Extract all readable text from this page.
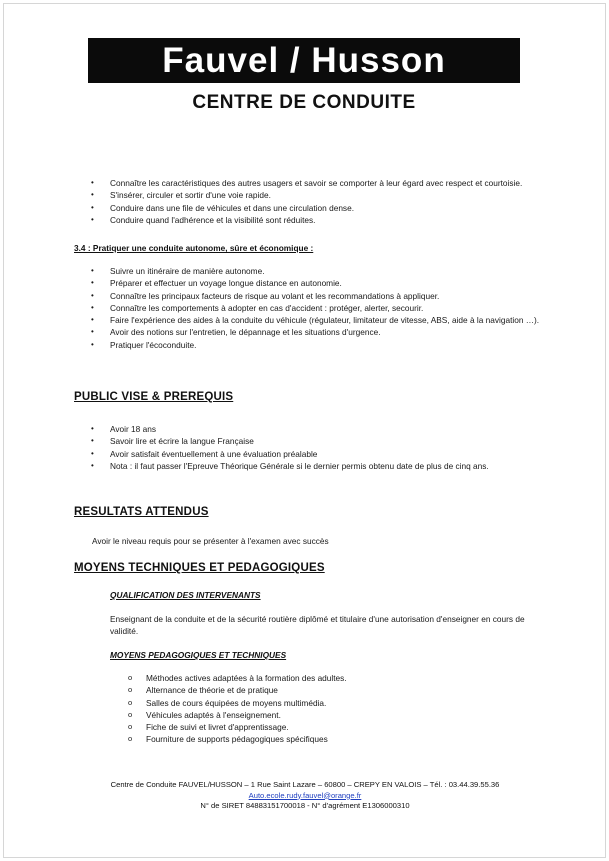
Fauvel / Husson
CENTRE DE CONDUITE
• Connaître les caractéristiques des autres usagers et savoir se comporter à leur égard avec respect et courtoisie.
• S'insérer, circuler et sortir d'une voie rapide.
• Conduire dans une file de véhicules et dans une circulation dense.
• Conduire quand l'adhérence et la visibilité sont réduites.
3.4 : Pratiquer une conduite autonome, sûre et économique :
• Suivre un itinéraire de manière autonome.
• Préparer et effectuer un voyage longue distance en autonomie.
• Connaître les principaux facteurs de risque au volant et les recommandations à appliquer.
• Connaître les comportements à adopter en cas d'accident : protéger, alerter, secourir.
• Faire l'expérience des aides à la conduite du véhicule (régulateur, limitateur de vitesse, ABS, aide à la navigation …).
• Avoir des notions sur l'entretien, le dépannage et les situations d'urgence.
• Pratiquer l'écoconduite.
PUBLIC VISE & PREREQUIS
• Avoir 18 ans
• Savoir lire et écrire la langue Française
• Avoir satisfait éventuellement à une évaluation préalable
• Nota : il faut passer l'Epreuve Théorique Générale si le dernier permis obtenu date de plus de cinq ans.
RESULTATS ATTENDUS
Avoir le niveau requis pour se présenter à l'examen avec succès
MOYENS TECHNIQUES ET PEDAGOGIQUES
QUALIFICATION DES INTERVENANTS
Enseignant de la conduite et de la sécurité routière diplômé et titulaire d'une autorisation d'enseigner en cours de validité.
MOYENS PEDAGOGIQUES ET TECHNIQUES
o Méthodes actives adaptées à la formation des adultes.
o Alternance de théorie et de pratique
o Salles de cours équipées de moyens multimédia.
o Véhicules adaptés à l'enseignement.
o Fiche de suivi et livret d'apprentissage.
o Fourniture de supports pédagogiques spécifiques
Centre de Conduite FAUVEL/HUSSON – 1 Rue Saint Lazare – 60800 – CREPY EN VALOIS – Tél. : 03.44.39.55.36
Auto.ecole.rudy.fauvel@orange.fr
N° de SIRET 84883151700018 - N° d'agrément E1306000310
